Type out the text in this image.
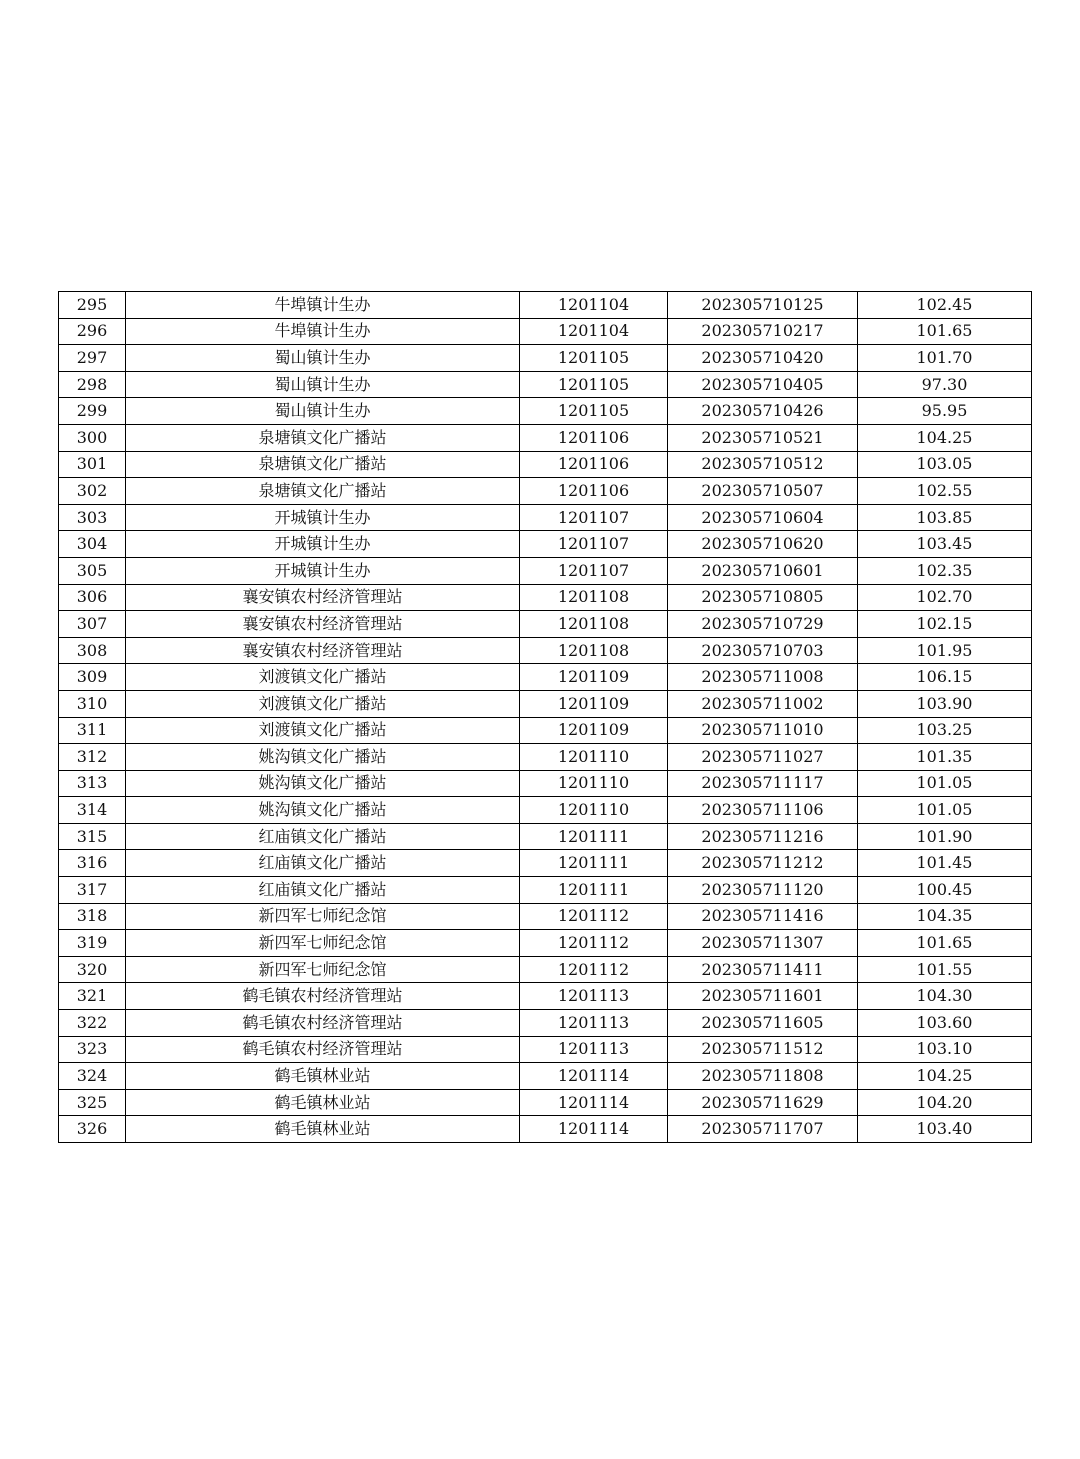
295	牛埠镇计生办	1201104	202305710125	102.45
296	牛埠镇计生办	1201104	202305710217	101.65
297	蜀山镇计生办	1201105	202305710420	101.70
298	蜀山镇计生办	1201105	202305710405	97.30
299	蜀山镇计生办	1201105	202305710426	95.95
300	泉塘镇文化广播站	1201106	202305710521	104.25
301	泉塘镇文化广播站	1201106	202305710512	103.05
302	泉塘镇文化广播站	1201106	202305710507	102.55
303	开城镇计生办	1201107	202305710604	103.85
304	开城镇计生办	1201107	202305710620	103.45
305	开城镇计生办	1201107	202305710601	102.35
306	襄安镇农村经济管理站	1201108	202305710805	102.70
307	襄安镇农村经济管理站	1201108	202305710729	102.15
308	襄安镇农村经济管理站	1201108	202305710703	101.95
309	刘渡镇文化广播站	1201109	202305711008	106.15
310	刘渡镇文化广播站	1201109	202305711002	103.90
311	刘渡镇文化广播站	1201109	202305711010	103.25
312	姚沟镇文化广播站	1201110	202305711027	101.35
313	姚沟镇文化广播站	1201110	202305711117	101.05
314	姚沟镇文化广播站	1201110	202305711106	101.05
315	红庙镇文化广播站	1201111	202305711216	101.90
316	红庙镇文化广播站	1201111	202305711212	101.45
317	红庙镇文化广播站	1201111	202305711120	100.45
318	新四军七师纪念馆	1201112	202305711416	104.35
319	新四军七师纪念馆	1201112	202305711307	101.65
320	新四军七师纪念馆	1201112	202305711411	101.55
321	鹤毛镇农村经济管理站	1201113	202305711601	104.30
322	鹤毛镇农村经济管理站	1201113	202305711605	103.60
323	鹤毛镇农村经济管理站	1201113	202305711512	103.10
324	鹤毛镇林业站	1201114	202305711808	104.25
325	鹤毛镇林业站	1201114	202305711629	104.20
326	鹤毛镇林业站	1201114	202305711707	103.40
